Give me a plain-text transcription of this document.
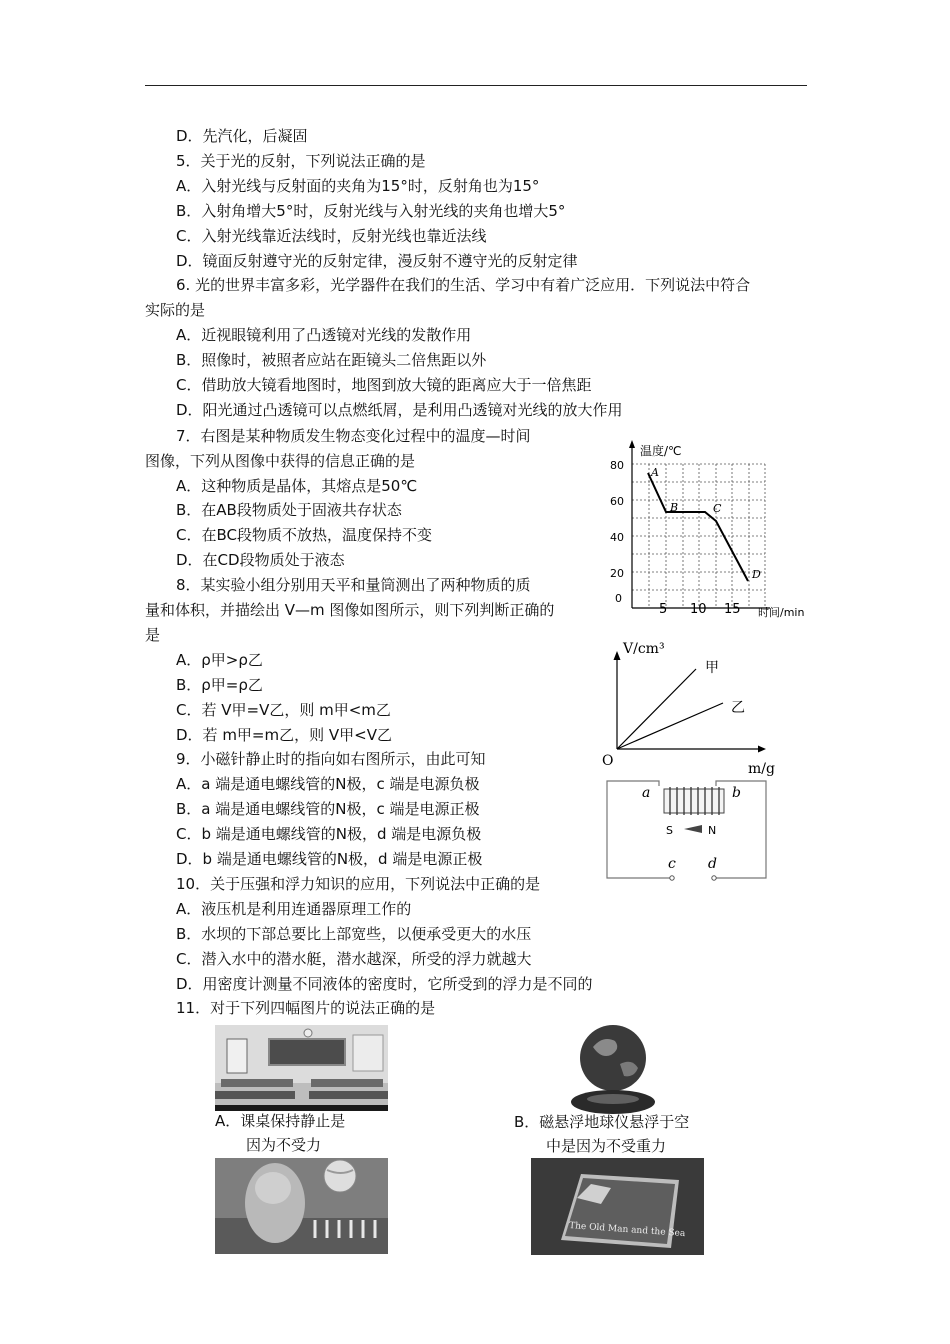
D．先汽化，后凝固
5．关于光的反射，下列说法正确的是
A．入射光线与反射面的夹角为15°时，反射角也为15°
B．入射角增大5°时，反射光线与入射光线的夹角也增大5°
C．入射光线靠近法线时，反射光线也靠近法线
D．镜面反射遵守光的反射定律，漫反射不遵守光的反射定律
6. 光的世界丰富多彩，光学器件在我们的生活、学习中有着广泛应用．下列说法中符合
实际的是
A．近视眼镜利用了凸透镜对光线的发散作用
B．照像时，被照者应站在距镜头二倍焦距以外
C．借助放大镜看地图时，地图到放大镜的距离应大于一倍焦距
D．阳光通过凸透镜可以点燃纸屑，是利用凸透镜对光线的放大作用
7．右图是某种物质发生物态变化过程中的温度—时间
图像，下列从图像中获得的信息正确的是
A．这种物质是晶体，其熔点是50℃
B．在AB段物质处于固液共存状态
C．在BC段物质不放热，温度保持不变
D．在CD段物质处于液态
8．某实验小组分别用天平和量筒测出了两种物质的质
量和体积，并描绘出 V—m 图像如图所示，则下列判断正确的
是
A．ρ甲>ρ乙
B．ρ甲=ρ乙
C．若 V甲=V乙，则 m甲<m乙
D．若 m甲=m乙，则 V甲<V乙
9．小磁针静止时的指向如右图所示，由此可知
A．a 端是通电螺线管的N极，c 端是电源负极
B．a 端是通电螺线管的N极，c 端是电源正极
C．b 端是通电螺线管的N极，d 端是电源负极
D．b 端是通电螺线管的N极，d 端是电源正极
10．关于压强和浮力知识的应用，下列说法中正确的是
A．液压机是利用连通器原理工作的
B．水坝的下部总要比上部宽些，以便承受更大的水压
C．潜入水中的潜水艇，潜水越深，所受的浮力就越大
D．用密度计测量不同液体的密度时，它所受到的浮力是不同的
11．对于下列四幅图片的说法正确的是
温度/℃
80
60
40
20
0
5 10 15 时间/min
A
B	C
D
V/cm³
m/g
O
甲
乙
a	b
S	N
c d
A．课桌保持静止是
因为不受力
B．磁悬浮地球仪悬浮于空
中是因为不受重力
The Old Man and the Sea
